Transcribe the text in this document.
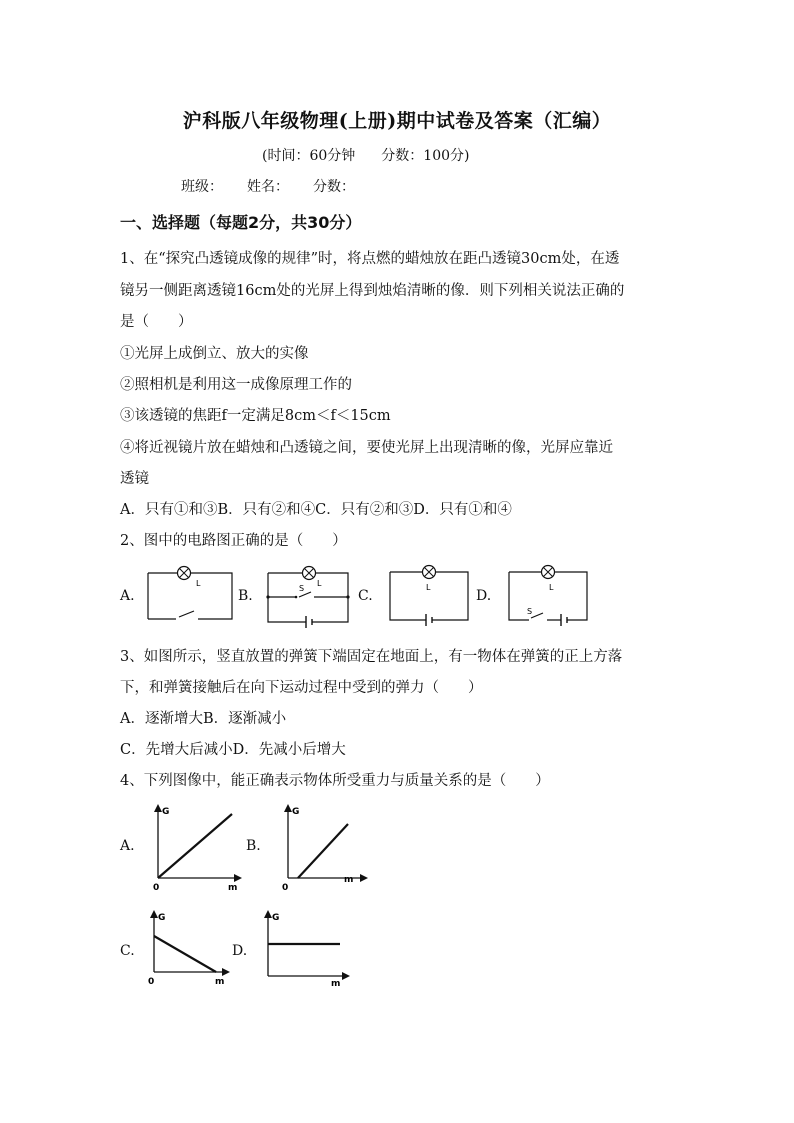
沪科版八年级物理(上册)期中试卷及答案（汇编）
(时间：60分钟 分数：100分)
班级： 姓名： 分数：
一、选择题（每题2分，共30分）
1、在“探究凸透镜成像的规律”时，将点燃的蜡烛放在距凸透镜30cm处，在透
镜另一侧距离透镜16cm处的光屏上得到烛焰清晰的像．则下列相关说法正确的
是（　　）
①光屏上成倒立、放大的实像
②照相机是利用这一成像原理工作的
③该透镜的焦距f一定满足8cm＜f＜15cm
④将近视镜片放在蜡烛和凸透镜之间，要使光屏上出现清晰的像，光屏应靠近
透镜
A．只有①和③B．只有②和④C．只有②和③D．只有①和④
2、图中的电路图正确的是（　　）
A.
L
B.
L
S	C.
L
D.
L
S
3、如图所示，竖直放置的弹簧下端固定在地面上，有一物体在弹簧的正上方落
下，和弹簧接触后在向下运动过程中受到的弹力（　　）
A．逐渐增大B．逐渐减小
C．先增大后减小D．先减小后增大
4、下列图像中，能正确表示物体所受重力与质量关系的是（　　）
A.
G
m
0
B.
G
m
0
C.
G
m
0
D.
G
m
